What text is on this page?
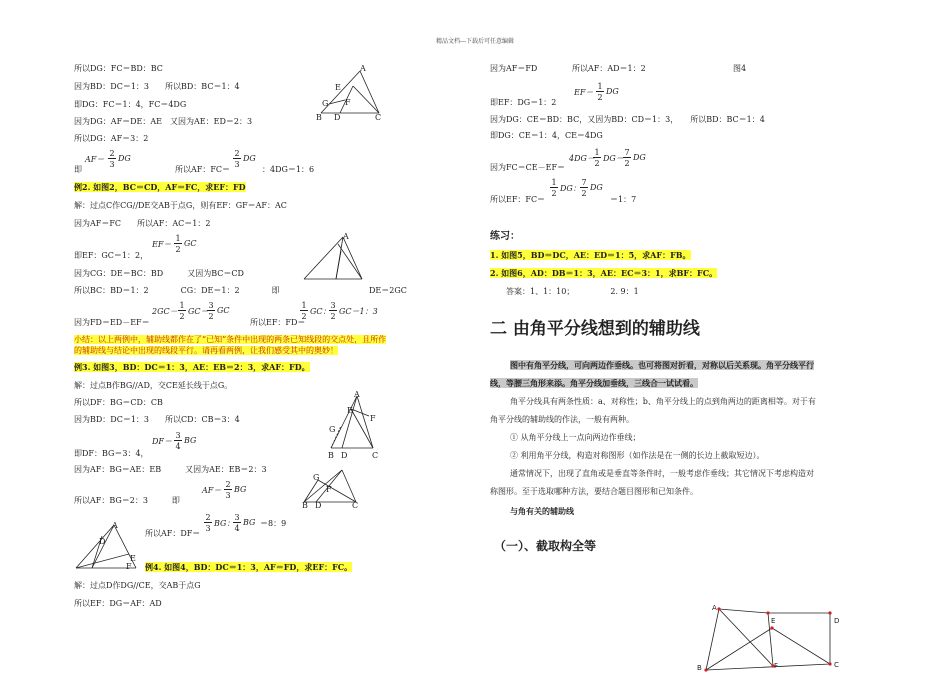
精品文档---下载后可任意编辑
所以DG：FC＝BD：BC
因为BD：DC＝1：3 所以BD：BC＝1：4
即DG：FC＝1：4，FC＝4DG
因为DG：AF＝DE：AE　又因为AE：ED＝2：3
所以DG：AF＝3：2
A
E
F
G
B D	C
即
AF＝
2
3
DG
所以AF：FC＝
2
3
DG
：4DG＝1：6
例2. 如图2，BC＝CD，AF＝FC，求EF：FD
解：过点C作CG//DE交AB于点G，则有EF：GF＝AF：AC
因为AF＝FC　　所以AF：AC＝1：2
EF＝
1
2
GC
即EF：GC＝1：2，
A
因为CG：DE＝BC：BD　　　又因为BC＝CD
所以BC：BD＝1：2　　　　CG：DE＝1：2　　　　即	DE＝2GC
2GC－
1
2
GC＝
3
2
GC
1
2
GC：
3
2
GC＝1：3
因为FD＝ED－EF＝	所以EF：FD＝
小结：以上两例中，辅助线都作在了“已知”条件中出现的两条已知线段的交点处，且所作
的辅助线与结论中出现的线段平行。请再看两例，让我们感受其中的奥妙！
例3. 如图3，BD：DC＝1：3，AE：EB＝2：3，求AF：FD。
解：过点B作BG//AD，交CE延长线于点G。
所以DF：BG＝CD：CB
因为BD：DC＝1：3　　所以CD：CB＝3：4
A
E
F
G
B D	C
DF＝
3
4
BG
即DF：BG＝3：4，
因为AF：BG＝AE：EB　　　又因为AE：EB＝2：3
G
F
B D	C
AF＝
2
3
BG
所以AF：BG＝2：3　　　即
A
D
E
F
所以AF：DF＝
2
3
BG：
3
4
BG ＝8：9
例4. 如图4，BD：DC＝1：3，AF＝FD，求EF：FC。
解：过点D作DG//CE，交AB于点G
所以EF：DG＝AF：AD
因为AF＝FD	所以AF：AD＝1：2	图4
EF＝
1
2
DG
即EF：DG＝1：2
因为DG：CE＝BD：BC，又因为BD：CD＝1：3，　　所以BD：BC＝1：4
即DG：CE＝1：4，CE＝4DG
4DG－
1
2
DG＝
7
2
DG
因为FC＝CE－EF＝
1
2
DG：
7
2
DG
所以EF：FC＝	＝1：7
练习：
1. 如图5，BD＝DC，AE：ED＝1：5，求AF：FB。
2. 如图6，AD：DB＝1：3，AE：EC＝3：1，求BF：FC。
答案：1、1：10；　　　　　2. 9：1
二 由角平分线想到的辅助线
图中有角平分线，可向两边作垂线。也可将图对折看，对称以后关系现。角平分线平行
线，等腰三角形来添。角平分线加垂线，三线合一试试看。
角平分线具有两条性质：a、对称性；b、角平分线上的点到角两边的距离相等。对于有
角平分线的辅助线的作法，一般有两种。
① 从角平分线上一点向两边作垂线；
② 利用角平分线，构造对称图形（如作法是在一侧的长边上截取短边）。
通常情况下，出现了直角或是垂直等条件时，一般考虑作垂线；其它情况下考虑构造对
称图形。至于选取哪种方法，要结合题目图形和已知条件。
与角有关的辅助线
（一）、截取构全等
A
E	D
C
B	F
